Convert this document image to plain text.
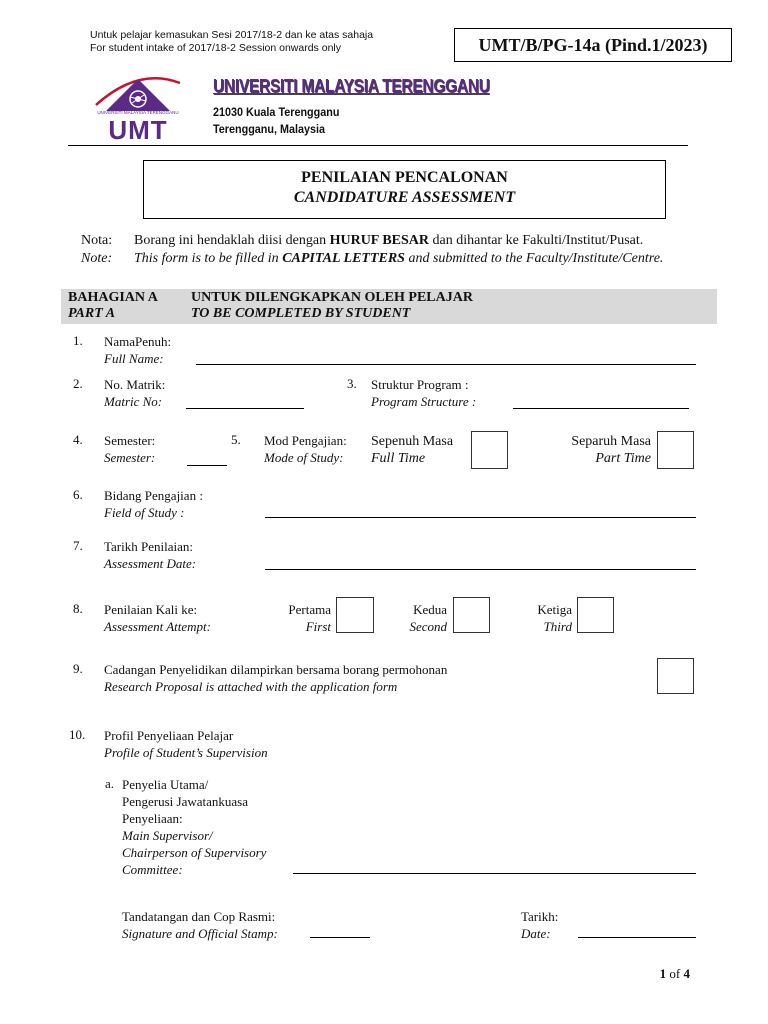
Untuk pelajar kemasukan Sesi 2017/18-2 dan ke atas sahaja
For student intake of 2017/18-2 Session onwards only	UMT/B/PG-14a (Pind.1/2023)
UNIVERSITI MALAYSIA TERENGGANU
UMT
UNIVERSITI MALAYSIA TERENGGANU
21030 Kuala Terengganu
Terengganu, Malaysia
PENILAIAN PENCALONAN
CANDIDATURE ASSESSMENT
Nota: Borang ini hendaklah diisi dengan HURUF BESAR dan dihantar ke Fakulti/Institut/Pusat.
Note: This form is to be filled in CAPITAL LETTERS and submitted to the Faculty/Institute/Centre.
BAHAGIAN A
PART A
UNTUK DILENGKAPKAN OLEH PELAJAR
TO BE COMPLETED BY STUDENT
1. NamaPenuh:
Full Name:
2. No. Matrik:
Matric No:
3. Struktur Program :
Program Structure :
4. Semester:
Semester:
5. Mod Pengajian:
Mode of Study:
Sepenuh Masa
Full Time
Separuh Masa
Part Time
6. Bidang Pengajian :
Field of Study :
7. Tarikh Penilaian:
Assessment Date:
8. Penilaian Kali ke:
Assessment Attempt:
Pertama
First
Kedua
Second
Ketiga
Third
9. Cadangan Penyelidikan dilampirkan bersama borang permohonan
Research Proposal is attached with the application form
10. Profil Penyeliaan Pelajar
Profile of Student’s Supervision
a. Penyelia Utama/
Pengerusi Jawatankuasa
Penyeliaan:
Main Supervisor/
Chairperson of Supervisory
Committee:
Tandatangan dan Cop Rasmi:
Signature and Official Stamp:
Tarikh:
Date:
1 of 4
